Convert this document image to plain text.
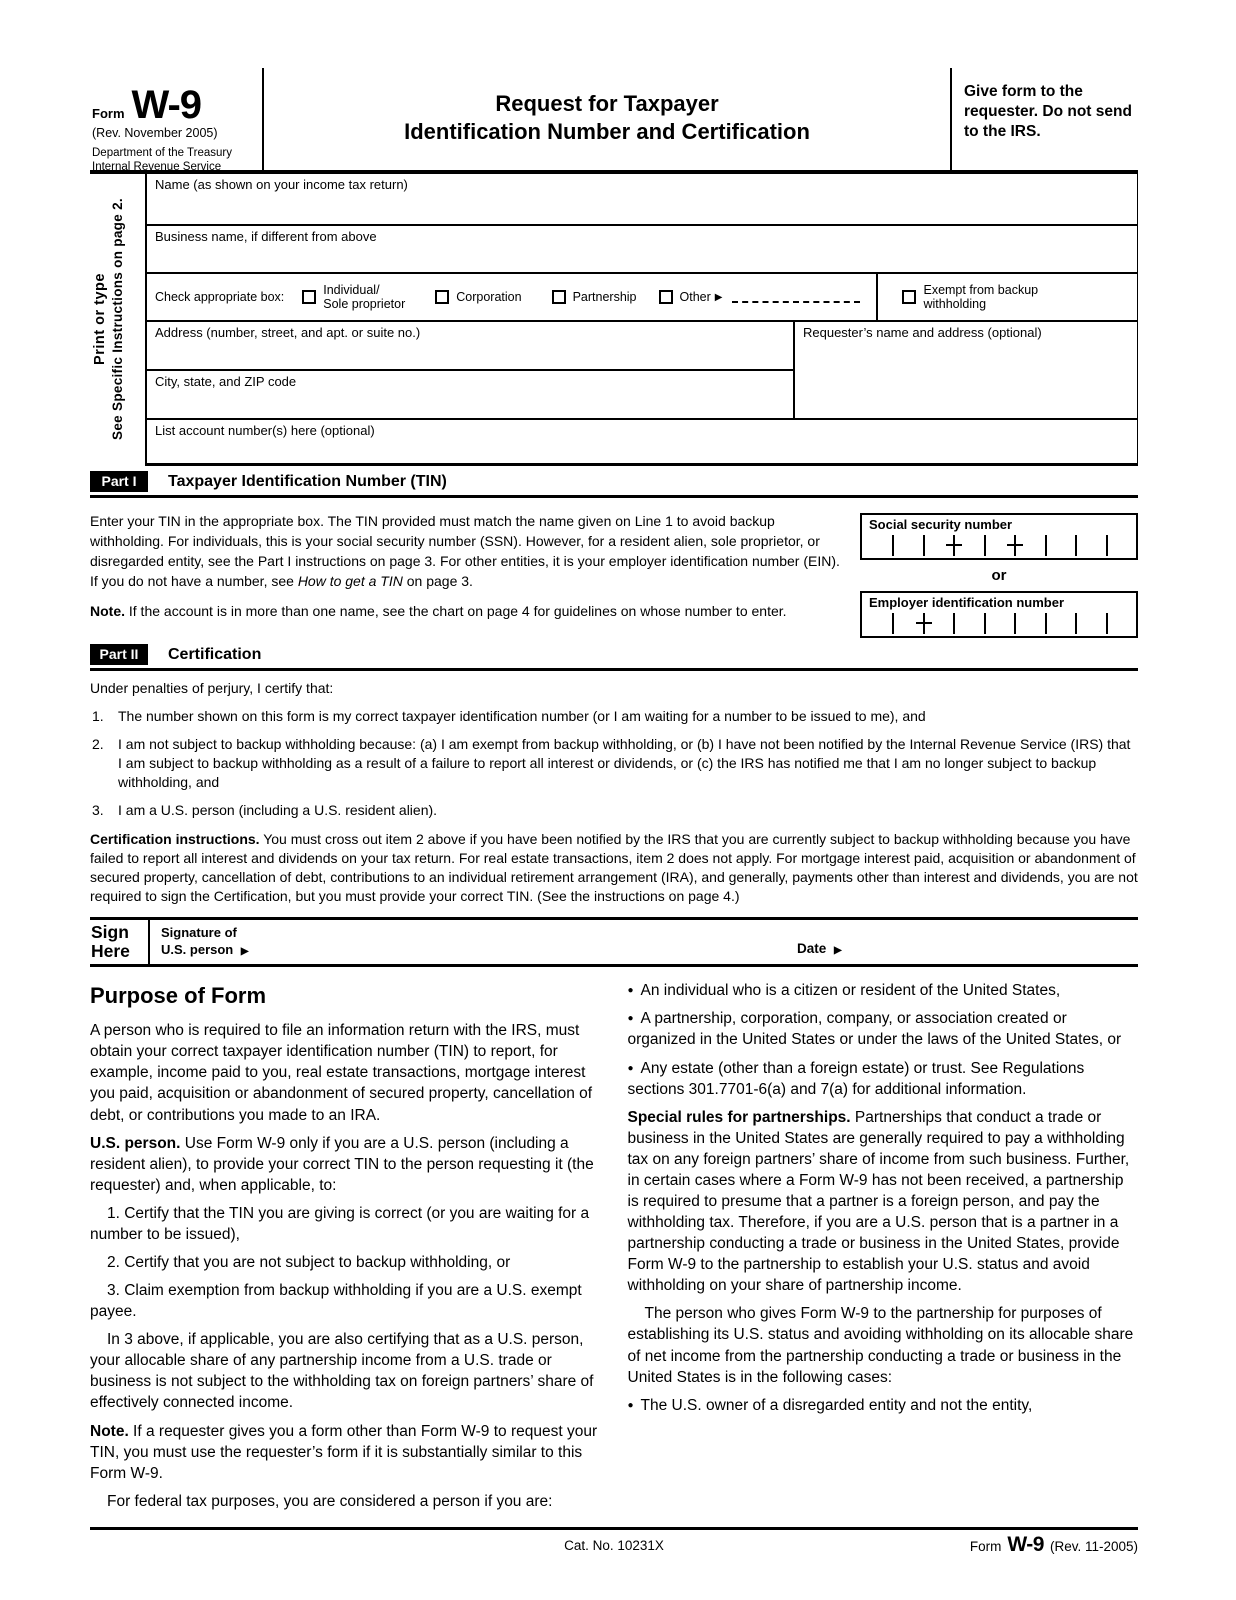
Form W-9
(Rev. November 2005)
Department of the Treasury
Internal Revenue Service
Request for Taxpayer
Identification Number and Certification
Give form to the requester. Do not send to the IRS.
Print or type See Specific Instructions on page 2.
Name (as shown on your income tax return)
Business name, if different from above
Check appropriate box:	Individual/
Sole proprietor	Corporation	Partnership	Other ▶	Exempt from backup
withholding
Address (number, street, and apt. or suite no.)
City, state, and ZIP code
Requester’s name and address (optional)
List account number(s) here (optional)
Part I	Taxpayer Identification Number (TIN)

Enter your TIN in the appropriate box. The TIN provided must match the name given on Line 1 to avoid backup withholding. For individuals, this is your social security number (SSN). However, for a resident alien, sole proprietor, or disregarded entity, see the Part I instructions on page 3. For other entities, it is your employer identification number (EIN). If you do not have a number, see How to get a TIN on page 3.

Note. If the account is in more than one name, see the chart on page 4 for guidelines on whose number to enter.

Social security number
or
Employer identification number
Part II	Certification

Under penalties of perjury, I certify that:

1. The number shown on this form is my correct taxpayer identification number (or I am waiting for a number to be issued to me), and
2. I am not subject to backup withholding because: (a) I am exempt from backup withholding, or (b) I have not been notified by the Internal Revenue Service (IRS) that I am subject to backup withholding as a result of a failure to report all interest or dividends, or (c) the IRS has notified me that I am no longer subject to backup withholding, and
3. I am a U.S. person (including a U.S. resident alien).

Certification instructions. You must cross out item 2 above if you have been notified by the IRS that you are currently subject to backup withholding because you have failed to report all interest and dividends on your tax return. For real estate transactions, item 2 does not apply. For mortgage interest paid, acquisition or abandonment of secured property, cancellation of debt, contributions to an individual retirement arrangement (IRA), and generally, payments other than interest and dividends, you are not required to sign the Certification, but you must provide your correct TIN. (See the instructions on page 4.)

Sign
Here
Signature of
U.S. person ▶	Date ▶
Purpose of Form

A person who is required to file an information return with the IRS, must obtain your correct taxpayer identification number (TIN) to report, for example, income paid to you, real estate transactions, mortgage interest you paid, acquisition or abandonment of secured property, cancellation of debt, or contributions you made to an IRA.

U.S. person. Use Form W-9 only if you are a U.S. person (including a resident alien), to provide your correct TIN to the person requesting it (the requester) and, when applicable, to:

1. Certify that the TIN you are giving is correct (or you are waiting for a number to be issued),

2. Certify that you are not subject to backup withholding, or

3. Claim exemption from backup withholding if you are a U.S. exempt payee.

In 3 above, if applicable, you are also certifying that as a U.S. person, your allocable share of any partnership income from a U.S. trade or business is not subject to the withholding tax on foreign partners’ share of effectively connected income.

Note. If a requester gives you a form other than Form W-9 to request your TIN, you must use the requester’s form if it is substantially similar to this Form W-9.

For federal tax purposes, you are considered a person if you are:

● An individual who is a citizen or resident of the United States,

● A partnership, corporation, company, or association created or organized in the United States or under the laws of the United States, or

● Any estate (other than a foreign estate) or trust. See Regulations sections 301.7701-6(a) and 7(a) for additional information.

Special rules for partnerships. Partnerships that conduct a trade or business in the United States are generally required to pay a withholding tax on any foreign partners’ share of income from such business. Further, in certain cases where a Form W-9 has not been received, a partnership is required to presume that a partner is a foreign person, and pay the withholding tax. Therefore, if you are a U.S. person that is a partner in a partnership conducting a trade or business in the United States, provide Form W-9 to the partnership to establish your U.S. status and avoid withholding on your share of partnership income.

The person who gives Form W-9 to the partnership for purposes of establishing its U.S. status and avoiding withholding on its allocable share of net income from the partnership conducting a trade or business in the United States is in the following cases:

● The U.S. owner of a disregarded entity and not the entity,

Cat. No. 10231X	Form W-9 (Rev. 11-2005)
